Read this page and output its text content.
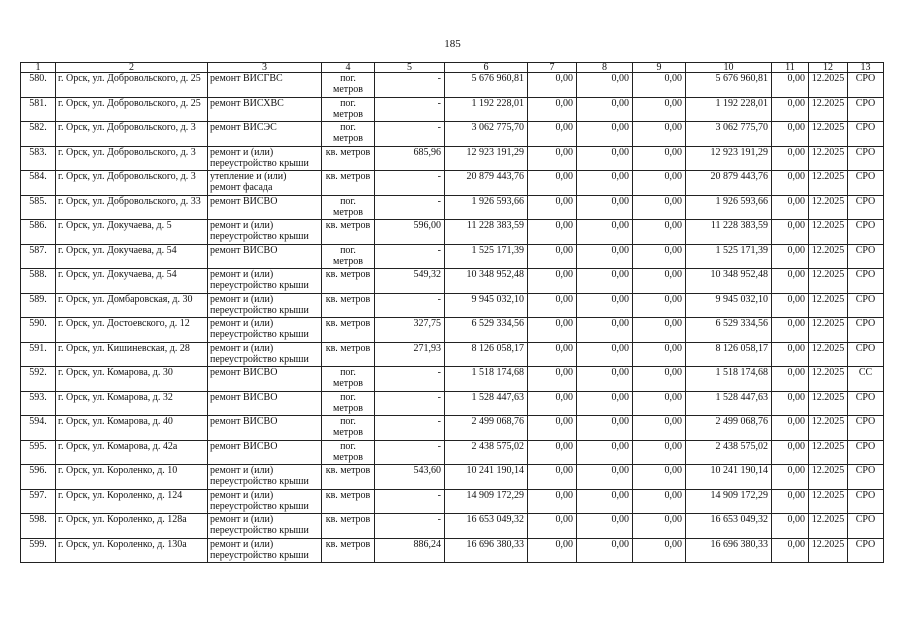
185
1	2	3	4	5	6	7	8	9	10	11	12	13
580.	г. Орск, ул. Добровольского, д. 25	ремонт ВИСГВС	пог. метров	-	5 676 960,81	0,00	0,00	0,00	5 676 960,81	0,00	12.2025	СРО
581.	г. Орск, ул. Добровольского, д. 25	ремонт ВИСХВС	пог. метров	-	1 192 228,01	0,00	0,00	0,00	1 192 228,01	0,00	12.2025	СРО
582.	г. Орск, ул. Добровольского, д. 3	ремонт ВИСЭС	пог. метров	-	3 062 775,70	0,00	0,00	0,00	3 062 775,70	0,00	12.2025	СРО
583.	г. Орск, ул. Добровольского, д. 3	ремонт и (или) переустройство крыши	кв. метров	685,96	12 923 191,29	0,00	0,00	0,00	12 923 191,29	0,00	12.2025	СРО
584.	г. Орск, ул. Добровольского, д. 3	утепление и (или) ремонт фасада	кв. метров	-	20 879 443,76	0,00	0,00	0,00	20 879 443,76	0,00	12.2025	СРО
585.	г. Орск, ул. Добровольского, д. 33	ремонт ВИСВО	пог. метров	-	1 926 593,66	0,00	0,00	0,00	1 926 593,66	0,00	12.2025	СРО
586.	г. Орск, ул. Докучаева, д. 5	ремонт и (или) переустройство крыши	кв. метров	596,00	11 228 383,59	0,00	0,00	0,00	11 228 383,59	0,00	12.2025	СРО
587.	г. Орск, ул. Докучаева, д. 54	ремонт ВИСВО	пог. метров	-	1 525 171,39	0,00	0,00	0,00	1 525 171,39	0,00	12.2025	СРО
588.	г. Орск, ул. Докучаева, д. 54	ремонт и (или) переустройство крыши	кв. метров	549,32	10 348 952,48	0,00	0,00	0,00	10 348 952,48	0,00	12.2025	СРО
589.	г. Орск, ул. Домбаровская, д. 30	ремонт и (или) переустройство крыши	кв. метров	-	9 945 032,10	0,00	0,00	0,00	9 945 032,10	0,00	12.2025	СРО
590.	г. Орск, ул. Достоевского, д. 12	ремонт и (или) переустройство крыши	кв. метров	327,75	6 529 334,56	0,00	0,00	0,00	6 529 334,56	0,00	12.2025	СРО
591.	г. Орск, ул. Кишиневская, д. 28	ремонт и (или) переустройство крыши	кв. метров	271,93	8 126 058,17	0,00	0,00	0,00	8 126 058,17	0,00	12.2025	СРО
592.	г. Орск, ул. Комарова, д. 30	ремонт ВИСВО	пог. метров	-	1 518 174,68	0,00	0,00	0,00	1 518 174,68	0,00	12.2025	СС
593.	г. Орск, ул. Комарова, д. 32	ремонт ВИСВО	пог. метров	-	1 528 447,63	0,00	0,00	0,00	1 528 447,63	0,00	12.2025	СРО
594.	г. Орск, ул. Комарова, д. 40	ремонт ВИСВО	пог. метров	-	2 499 068,76	0,00	0,00	0,00	2 499 068,76	0,00	12.2025	СРО
595.	г. Орск, ул. Комарова, д. 42а	ремонт ВИСВО	пог. метров	-	2 438 575,02	0,00	0,00	0,00	2 438 575,02	0,00	12.2025	СРО
596.	г. Орск, ул. Короленко, д. 10	ремонт и (или) переустройство крыши	кв. метров	543,60	10 241 190,14	0,00	0,00	0,00	10 241 190,14	0,00	12.2025	СРО
597.	г. Орск, ул. Короленко, д. 124	ремонт и (или) переустройство крыши	кв. метров	-	14 909 172,29	0,00	0,00	0,00	14 909 172,29	0,00	12.2025	СРО
598.	г. Орск, ул. Короленко, д. 128а	ремонт и (или) переустройство крыши	кв. метров	-	16 653 049,32	0,00	0,00	0,00	16 653 049,32	0,00	12.2025	СРО
599.	г. Орск, ул. Короленко, д. 130а	ремонт и (или) переустройство крыши	кв. метров	886,24	16 696 380,33	0,00	0,00	0,00	16 696 380,33	0,00	12.2025	СРО
